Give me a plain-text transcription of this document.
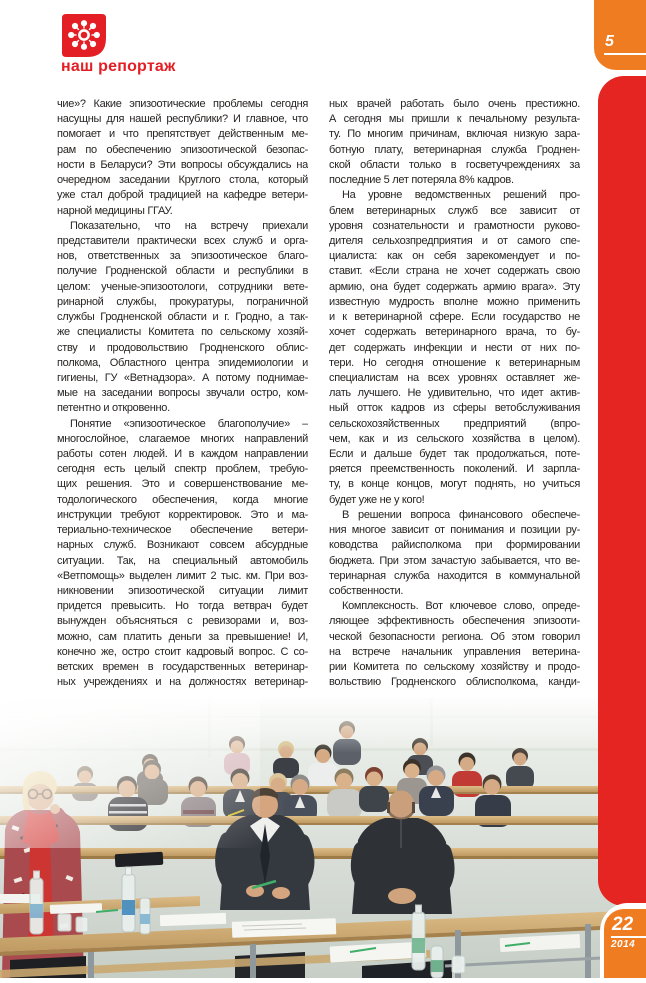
наш репортаж
чие»? Какие эпизоотические проблемы сегодня
насущны для нашей республики? И главное, что
помогает и что препятствует действенным ме-
рам по обеспечению эпизоотической безопас-
ности в Беларуси? Эти вопросы обсуждались на
очередном заседании Круглого стола, который
уже стал доброй традицией на кафедре ветери-
нарной медицины ГГАУ.
Показательно, что на встречу приехали
представители практически всех служб и орга-
нов, ответственных за эпизоотическое благо-
получие Гродненской области и республики в
целом: ученые-эпизоотологи, сотрудники вете-
ринарной службы, прокуратуры, пограничной
службы Гродненской области и г. Гродно, а так-
же специалисты Комитета по сельскому хозяй-
ству и продовольствию Гродненского облис-
полкома, Областного центра эпидемиологии и
гигиены, ГУ «Ветнадзора». А потому поднимае-
мые на заседании вопросы звучали остро, ком-
петентно и откровенно.
Понятие «эпизоотическое благополучие» –
многослойное, слагаемое многих направлений
работы сотен людей. И в каждом направлении
сегодня есть целый спектр проблем, требую-
щих решения. Это и совершенствование ме-
тодологического обеспечения, когда многие
инструкции требуют корректировок. Это и ма-
териально-техническое обеспечение ветери-
нарных служб. Возникают совсем абсурдные
ситуации. Так, на специальный автомобиль
«Ветпомощь» выделен лимит 2 тыс. км. При воз-
никновении эпизоотической ситуации лимит
придется превысить. Но тогда ветврач будет
вынужден объясняться с ревизорами и, воз-
можно, сам платить деньги за превышение! И,
конечно же, остро стоит кадровый вопрос. С со-
ветских времен в государственных ветеринар-
ных учреждениях и на должностях ветеринар-
ных врачей работать было очень престижно.
А сегодня мы пришли к печальному результа-
ту. По многим причинам, включая низкую зара-
ботную плату, ветеринарная служба Гроднен-
ской области только в госветучреждениях за
последние 5 лет потеряла 8% кадров.
На уровне ведомственных решений про-
блем ветеринарных служб все зависит от
уровня сознательности и грамотности руково-
дителя сельхозпредприятия и от самого спе-
циалиста: как он себя зарекомендует и по-
ставит. «Если страна не хочет содержать свою
армию, она будет содержать армию врага». Эту
известную мудрость вполне можно применить
и к ветеринарной сфере. Если государство не
хочет содержать ветеринарного врача, то бу-
дет содержать инфекции и нести от них по-
тери. Но сегодня отношение к ветеринарным
специалистам на всех уровнях оставляет же-
лать лучшего. Не удивительно, что идет актив-
ный отток кадров из сферы ветобслуживания
сельскохозяйственных предприятий (впро-
чем, как и из сельского хозяйства в целом).
Если и дальше будет так продолжаться, поте-
ряется преемственность поколений. И зарпла-
ту, в конце концов, могут поднять, но учиться
будет уже не у кого!
В решении вопроса финансового обеспече-
ния многое зависит от понимания и позиции ру-
ководства райисполкома при формировании
бюджета. При этом зачастую забывается, что ве-
теринарная служба находится в коммунальной
собственности.
Комплексность. Вот ключевое слово, опреде-
ляющее эффективность обеспечения эпизооти-
ческой безопасности региона. Об этом говорил
на встрече начальник управления ветерина-
рии Комитета по сельскому хозяйству и продо-
вольствию Гродненского облисполкома, канди-
5
22
2014
